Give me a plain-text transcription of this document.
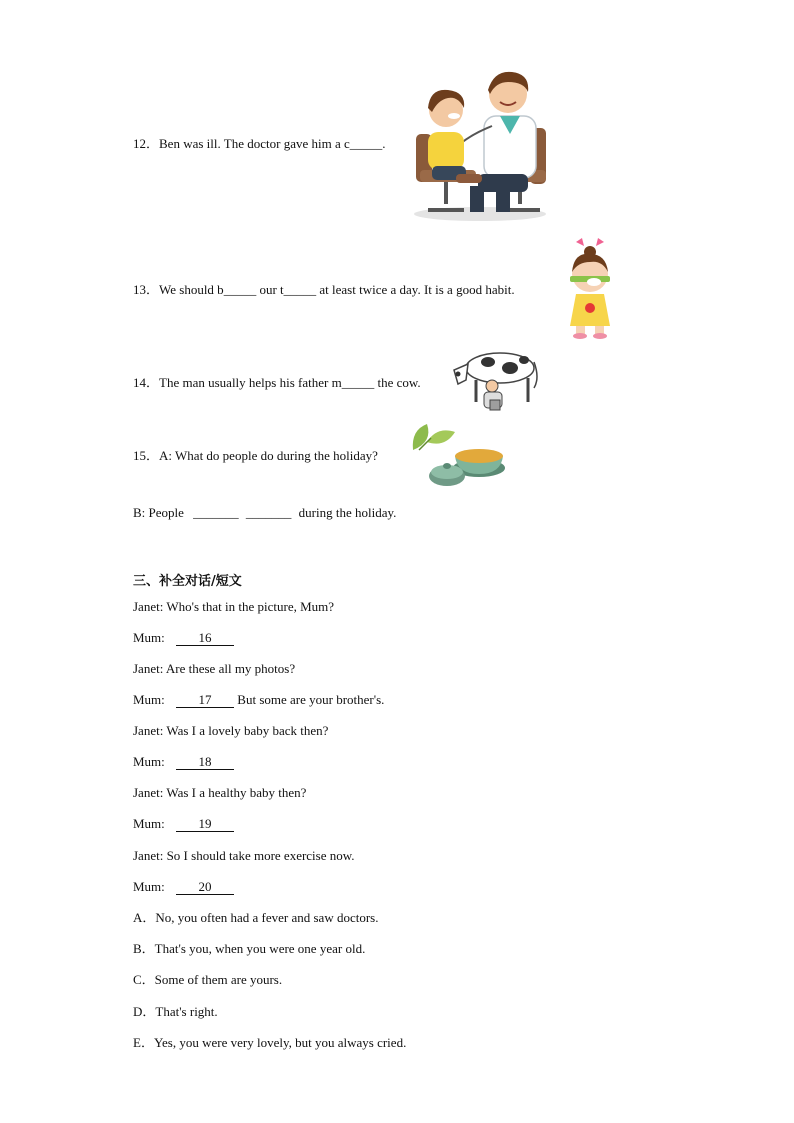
12．Ben was ill. The doctor gave him a c_____.
13．We should b_____ our t_____ at least twice a day. It is a good habit.
14．The man usually helps his father m_____ the cow.
15．A: What do people do during the holiday?
B: People _______ _______ during the holiday.
三、补全对话/短文
Janet: Who's that in the picture, Mum?
Mum:	16
Janet: Are these all my photos?
Mum:	17 But some are your brother's.
Janet: Was I a lovely baby back then?
Mum:	18
Janet: Was I a healthy baby then?
Mum:	19
Janet: So I should take more exercise now.
Mum:	20
A．No, you often had a fever and saw doctors.
B．That's you, when you were one year old.
C．Some of them are yours.
D．That's right.
E．Yes, you were very lovely, but you always cried.
